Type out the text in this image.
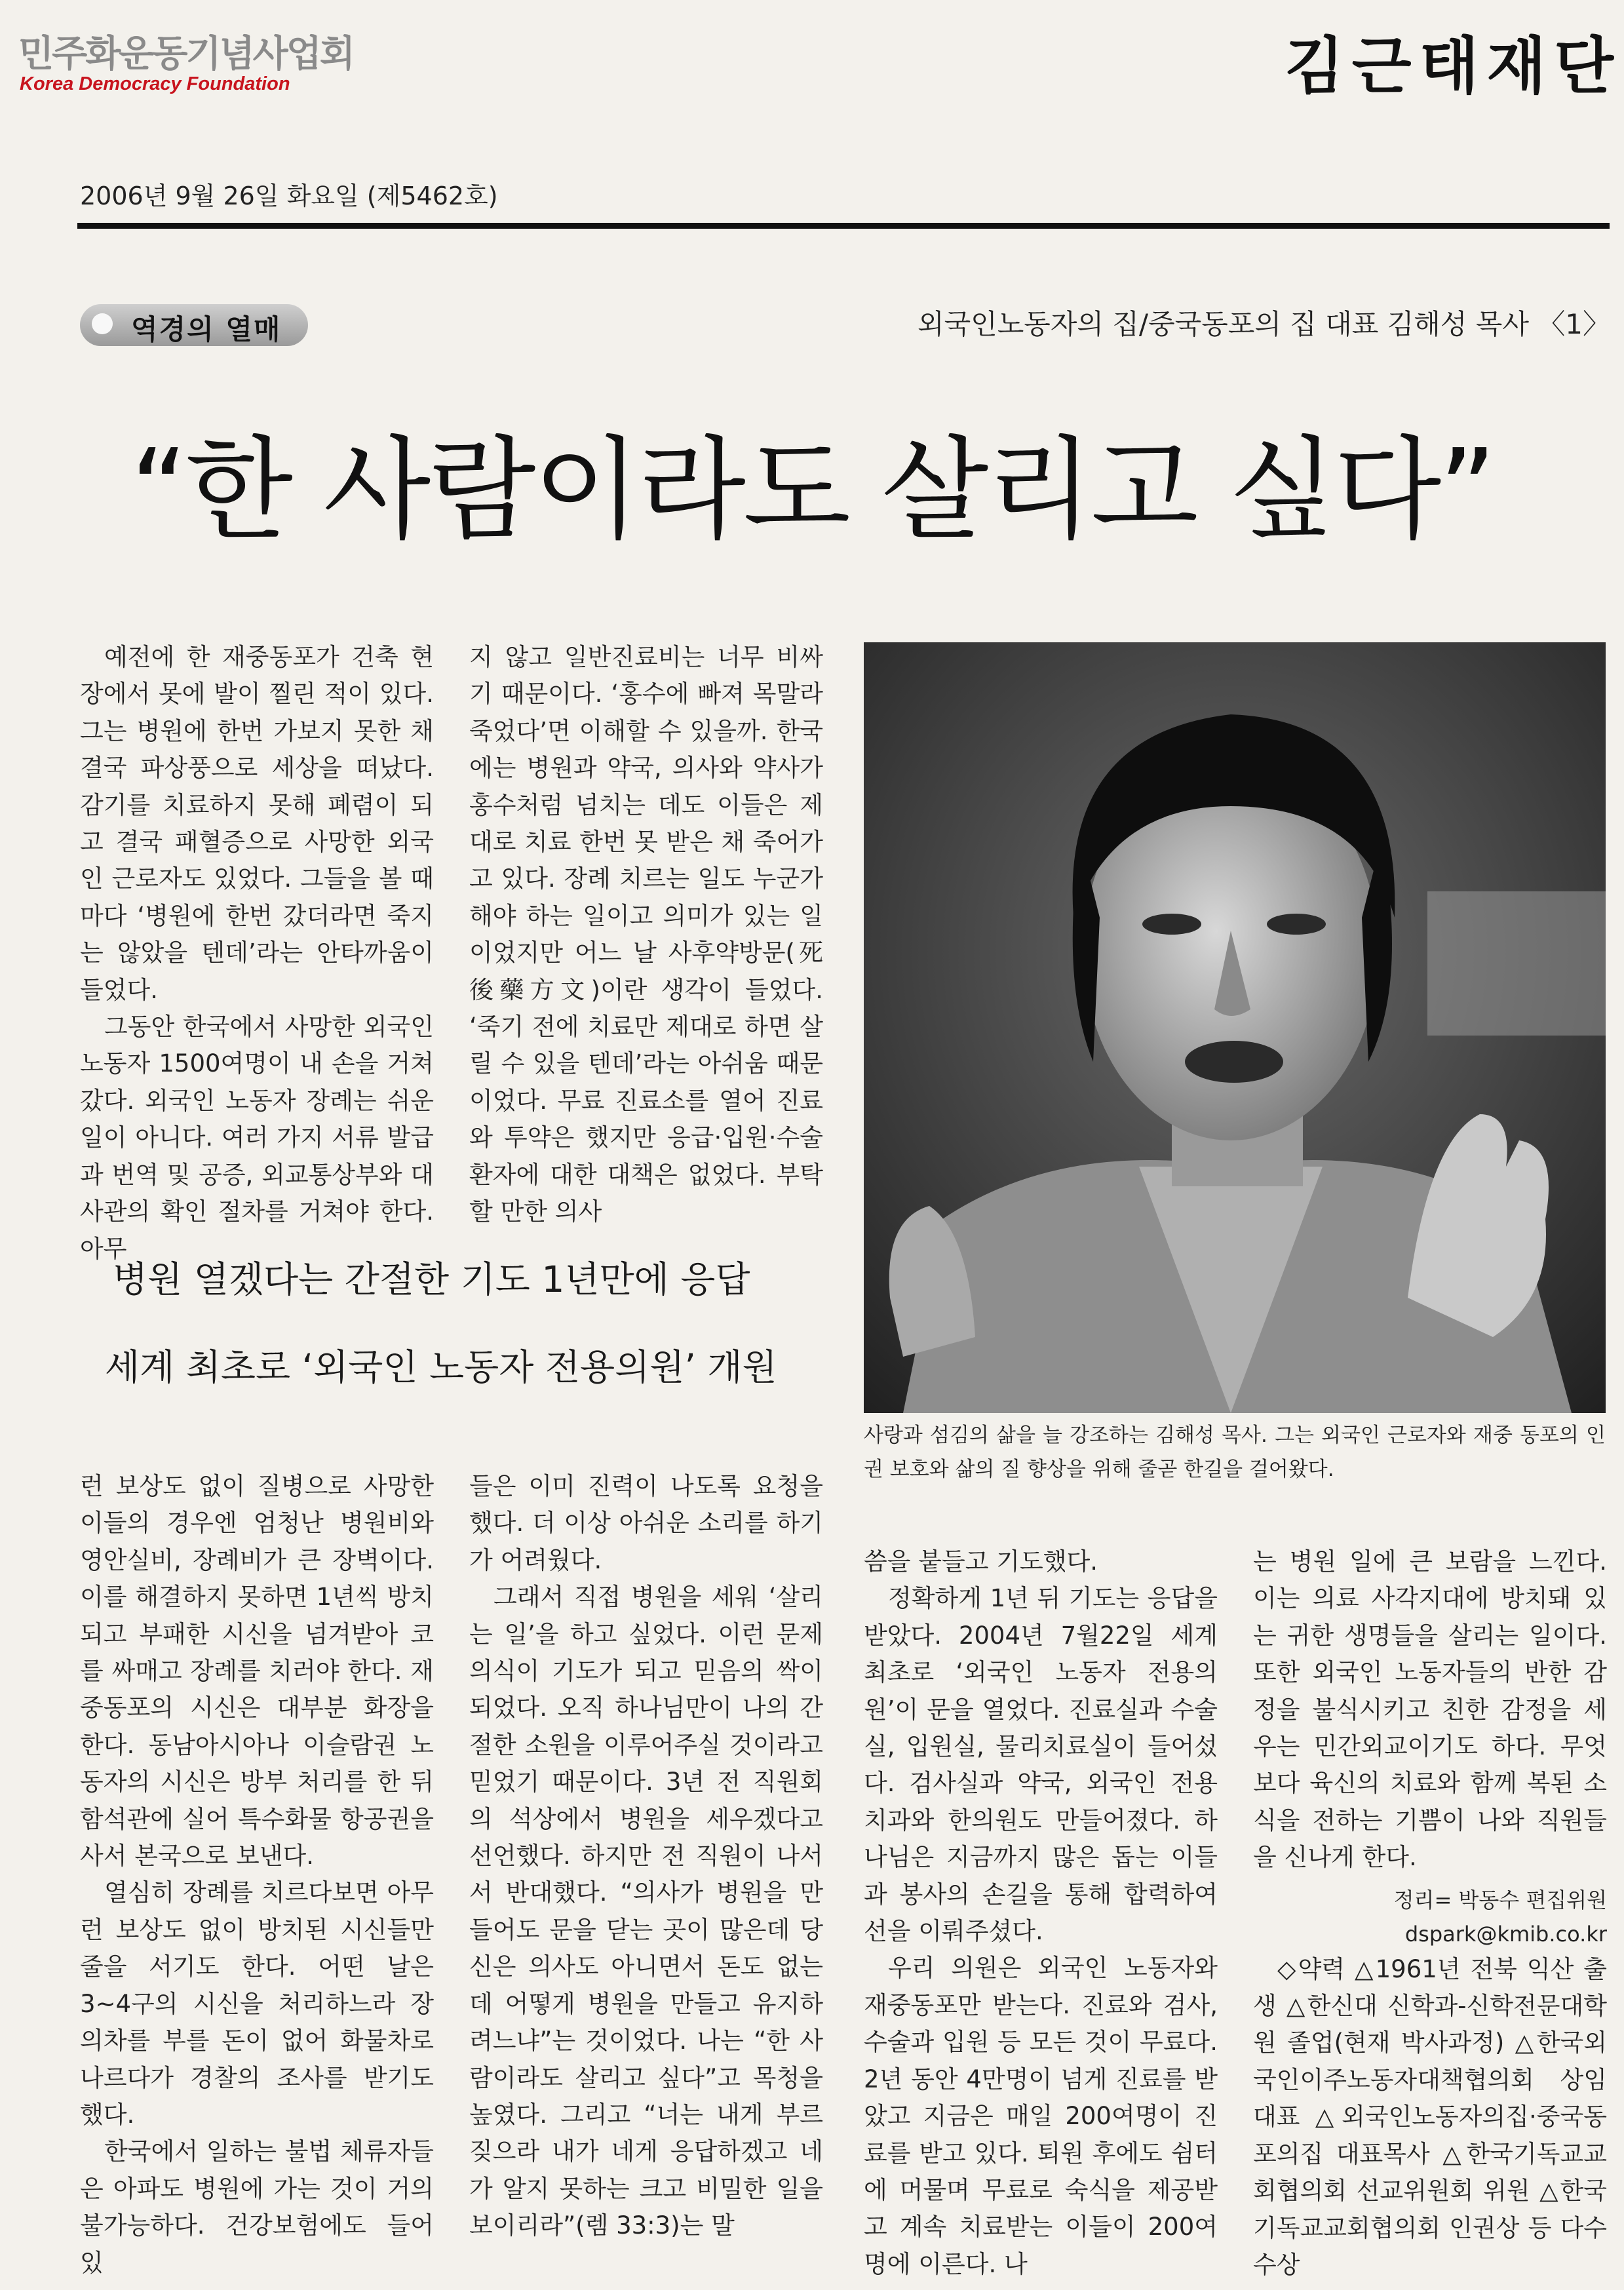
민주화운동기념사업회
Korea Democracy Foundation	김근태재단
2006년 9월 26일 화요일 (제5462호)
역경의 열매	외국인노동자의 집/중국동포의 집 대표 김해성 목사 〈1〉
“한 사람이라도 살리고 싶다”

예전에 한 재중동포가 건축 현장에서 못에 발이 찔린 적이 있다. 그는 병원에 한번 가보지 못한 채 결국 파상풍으로 세상을 떠났다. 감기를 치료하지 못해 폐렴이 되고 결국 패혈증으로 사망한 외국인 근로자도 있었다. 그들을 볼 때마다 ‘병원에 한번 갔더라면 죽지는 않았을 텐데’라는 안타까움이 들었다.

그동안 한국에서 사망한 외국인 노동자 1500여명이 내 손을 거쳐 갔다. 외국인 노동자 장례는 쉬운 일이 아니다. 여러 가지 서류 발급과 번역 및 공증, 외교통상부와 대사관의 확인 절차를 거쳐야 한다. 아무

지 않고 일반진료비는 너무 비싸기 때문이다. ‘홍수에 빠져 목말라 죽었다’면 이해할 수 있을까. 한국에는 병원과 약국, 의사와 약사가 홍수처럼 넘치는 데도 이들은 제대로 치료 한번 못 받은 채 죽어가고 있다. 장례 치르는 일도 누군가 해야 하는 일이고 의미가 있는 일이었지만 어느 날 사후약방문(死後藥方文)이란 생각이 들었다. ‘죽기 전에 치료만 제대로 하면 살릴 수 있을 텐데’라는 아쉬움 때문이었다. 무료 진료소를 열어 진료와 투약은 했지만 응급·입원·수술환자에 대한 대책은 없었다. 부탁할 만한 의사

병원 열겠다는 간절한 기도 1년만에 응답
세계 최초로 ‘외국인 노동자 전용의원’ 개원
사랑과 섬김의 삶을 늘 강조하는 김해성 목사. 그는 외국인 근로자와 재중 동포의 인권 보호와 삶의 질 향상을 위해 줄곧 한길을 걸어왔다.

런 보상도 없이 질병으로 사망한 이들의 경우엔 엄청난 병원비와 영안실비, 장례비가 큰 장벽이다. 이를 해결하지 못하면 1년씩 방치되고 부패한 시신을 넘겨받아 코를 싸매고 장례를 치러야 한다. 재중동포의 시신은 대부분 화장을 한다. 동남아시아나 이슬람권 노동자의 시신은 방부 처리를 한 뒤 함석관에 실어 특수화물 항공권을 사서 본국으로 보낸다.

열심히 장례를 치르다보면 아무런 보상도 없이 방치된 시신들만 줄을 서기도 한다. 어떤 날은 3~4구의 시신을 처리하느라 장의차를 부를 돈이 없어 화물차로 나르다가 경찰의 조사를 받기도 했다.

한국에서 일하는 불법 체류자들은 아파도 병원에 가는 것이 거의 불가능하다. 건강보험에도 들어 있

들은 이미 진력이 나도록 요청을 했다. 더 이상 아쉬운 소리를 하기가 어려웠다.

그래서 직접 병원을 세워 ‘살리는 일’을 하고 싶었다. 이런 문제의식이 기도가 되고 믿음의 싹이 되었다. 오직 하나님만이 나의 간절한 소원을 이루어주실 것이라고 믿었기 때문이다. 3년 전 직원회의 석상에서 병원을 세우겠다고 선언했다. 하지만 전 직원이 나서서 반대했다. “의사가 병원을 만들어도 문을 닫는 곳이 많은데 당신은 의사도 아니면서 돈도 없는데 어떻게 병원을 만들고 유지하려느냐”는 것이었다. 나는 “한 사람이라도 살리고 싶다”고 목청을 높였다. 그리고 “너는 내게 부르짖으라 내가 네게 응답하겠고 네가 알지 못하는 크고 비밀한 일을 보이리라”(렘 33:3)는 말

씀을 붙들고 기도했다.

정확하게 1년 뒤 기도는 응답을 받았다. 2004년 7월22일 세계 최초로 ‘외국인 노동자 전용의원’이 문을 열었다. 진료실과 수술실, 입원실, 물리치료실이 들어섰다. 검사실과 약국, 외국인 전용 치과와 한의원도 만들어졌다. 하나님은 지금까지 많은 돕는 이들과 봉사의 손길을 통해 합력하여 선을 이뤄주셨다.

우리 의원은 외국인 노동자와 재중동포만 받는다. 진료와 검사, 수술과 입원 등 모든 것이 무료다. 2년 동안 4만명이 넘게 진료를 받았고 지금은 매일 200여명이 진료를 받고 있다. 퇴원 후에도 쉼터에 머물며 무료로 숙식을 제공받고 계속 치료받는 이들이 200여명에 이른다. 나

는 병원 일에 큰 보람을 느낀다. 이는 의료 사각지대에 방치돼 있는 귀한 생명들을 살리는 일이다. 또한 외국인 노동자들의 반한 감정을 불식시키고 친한 감정을 세우는 민간외교이기도 하다. 무엇보다 육신의 치료와 함께 복된 소식을 전하는 기쁨이 나와 직원들을 신나게 한다.

정리= 박동수 편집위원
dspark@kmib.co.kr

◇약력 △1961년 전북 익산 출생 △한신대 신학과-신학전문대학원 졸업(현재 박사과정) △한국외국인이주노동자대책협의회 상임대표 △외국인노동자의집·중국동포의집 대표목사 △한국기독교교회협의회 선교위원회 위원 △한국기독교교회협의회 인권상 등 다수 수상
